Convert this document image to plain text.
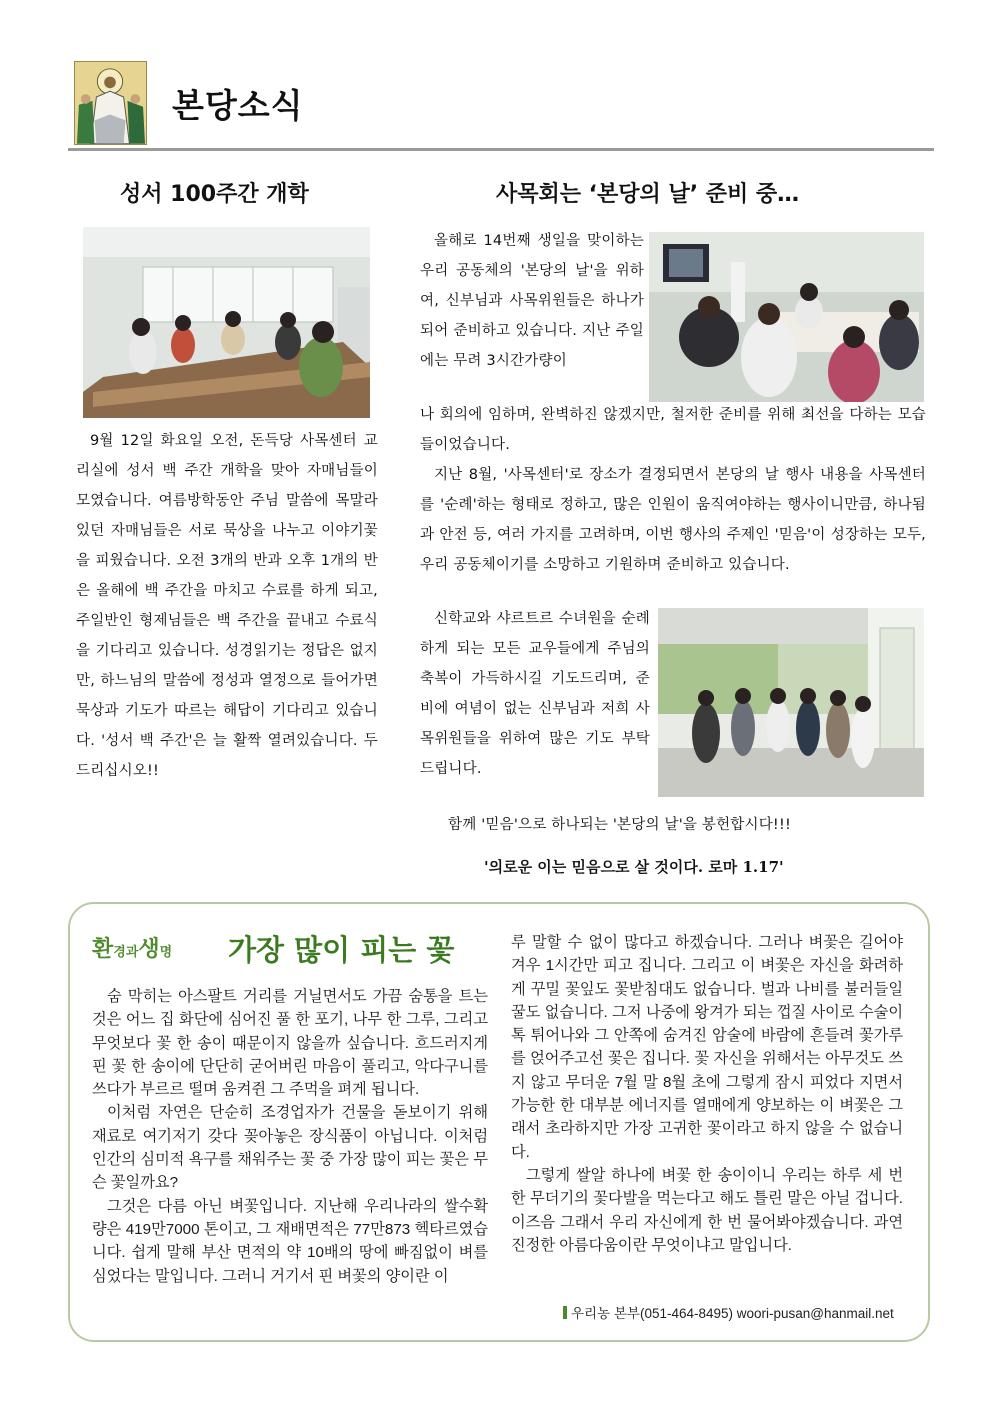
본당소식
성서 100주간 개학	사목회는 ‘본당의 날’ 준비 중…
9월 12일 화요일 오전, 돈득당 사목센터 교리실에 성서 백 주간 개학을 맞아 자매님들이 모였습니다. 여름방학동안 주님 말씀에 목말라 있던 자매님들은 서로 묵상을 나누고 이야기꽃을 피웠습니다. 오전 3개의 반과 오후 1개의 반은 올해에 백 주간을 마치고 수료를 하게 되고, 주일반인 형제님들은 백 주간을 끝내고 수료식을 기다리고 있습니다. 성경읽기는 정답은 없지만, 하느님의 말씀에 정성과 열정으로 들어가면 묵상과 기도가 따르는 해답이 기다리고 있습니다. '성서 백 주간'은 늘 활짝 열려있습니다. 두드리십시오!!
올해로 14번째 생일을 맞이하는 우리 공동체의 '본당의 날'을 위하여, 신부님과 사목위원들은 하나가 되어 준비하고 있습니다. 지난 주일에는 무려 3시간가량이
나 회의에 임하며, 완벽하진 않겠지만, 철저한 준비를 위해 최선을 다하는 모습들이었습니다.
지난 8월, '사목센터'로 장소가 결정되면서 본당의 날 행사 내용을 사목센터를 '순례'하는 형태로 정하고, 많은 인원이 움직여야하는 행사이니만큼, 하나됨과 안전 등, 여러 가지를 고려하며, 이번 행사의 주제인 '믿음'이 성장하는 모두, 우리 공동체이기를 소망하고 기원하며 준비하고 있습니다.
신학교와 샤르트르 수녀원을 순례하게 되는 모든 교우들에게 주님의 축복이 가득하시길 기도드리며, 준비에 여념이 없는 신부님과 저희 사목위원들을 위하여 많은 기도 부탁드립니다.
함께 '믿음'으로 하나되는 '본당의 날'을 봉헌합시다!!!
'의로운 이는 믿음으로 살 것이다. 로마 1.17'
환경과생명 가장 많이 피는 꽃

숨 막히는 아스팔트 거리를 거닐면서도 가끔 숨통을 트는 것은 어느 집 화단에 심어진 풀 한 포기, 나무 한 그루, 그리고 무엇보다 꽃 한 송이 때문이지 않을까 싶습니다. 흐드러지게 핀 꽃 한 송이에 단단히 굳어버린 마음이 풀리고, 악다구니를 쓰다가 부르르 떨며 움켜쥔 그 주먹을 펴게 됩니다.

이처럼 자연은 단순히 조경업자가 건물을 돋보이기 위해 재료로 여기저기 갖다 꽂아놓은 장식품이 아닙니다. 이처럼 인간의 심미적 욕구를 채워주는 꽃 중 가장 많이 피는 꽃은 무슨 꽃일까요?

그것은 다름 아닌 벼꽃입니다. 지난해 우리나라의 쌀수확량은 419만7000 톤이고, 그 재배면적은 77만873 헥타르였습니다. 쉽게 말해 부산 면적의 약 10배의 땅에 빠짐없이 벼를 심었다는 말입니다. 그러니 거기서 핀 벼꽃의 양이란 이

루 말할 수 없이 많다고 하겠습니다. 그러나 벼꽃은 길어야 겨우 1시간만 피고 집니다. 그리고 이 벼꽃은 자신을 화려하게 꾸밀 꽃잎도 꽃받침대도 없습니다. 벌과 나비를 불러들일 꿀도 없습니다. 그저 나중에 왕겨가 되는 껍질 사이로 수술이 톡 튀어나와 그 안쪽에 숨겨진 암술에 바람에 흔들려 꽃가루를 얹어주고선 꽃은 집니다. 꽃 자신을 위해서는 아무것도 쓰지 않고 무더운 7월 말 8월 초에 그렇게 잠시 피었다 지면서 가능한 한 대부분 에너지를 열매에게 양보하는 이 벼꽃은 그래서 초라하지만 가장 고귀한 꽃이라고 하지 않을 수 없습니다.

그렇게 쌀알 하나에 벼꽃 한 송이이니 우리는 하루 세 번 한 무더기의 꽃다발을 먹는다고 해도 틀린 말은 아닐 겁니다. 이즈음 그래서 우리 자신에게 한 번 물어봐야겠습니다. 과연 진정한 아름다움이란 무엇이냐고 말입니다.

우리농 본부(051-464-8495) woori-pusan@hanmail.net
